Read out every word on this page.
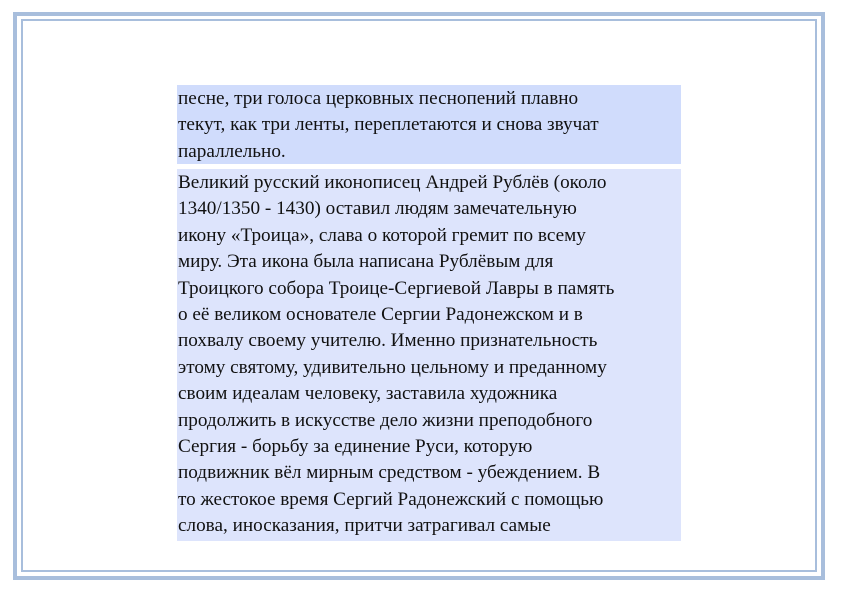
песне, три голоса церковных песнопений плавно
текут, как три ленты, переплетаются и снова звучат
параллельно.
Великий русский иконописец Андрей Рублёв (около
1340/1350 - 1430) оставил людям замечательную
икону «Троица», слава о которой гремит по всему
миру. Эта икона была написана Рублёвым для
Троицкого собора Троице-Сергиевой Лавры в память
о её великом основателе Сергии Радонежском и в
похвалу своему учителю. Именно признательность
этому святому, удивительно цельному и преданному
своим идеалам человеку, заставила художника
продолжить в искусстве дело жизни преподобного
Сергия - борьбу за единение Руси, которую
подвижник вёл мирным средством - убеждением. В
то жестокое время Сергий Радонежский с помощью
слова, иносказания, притчи затрагивал самые
